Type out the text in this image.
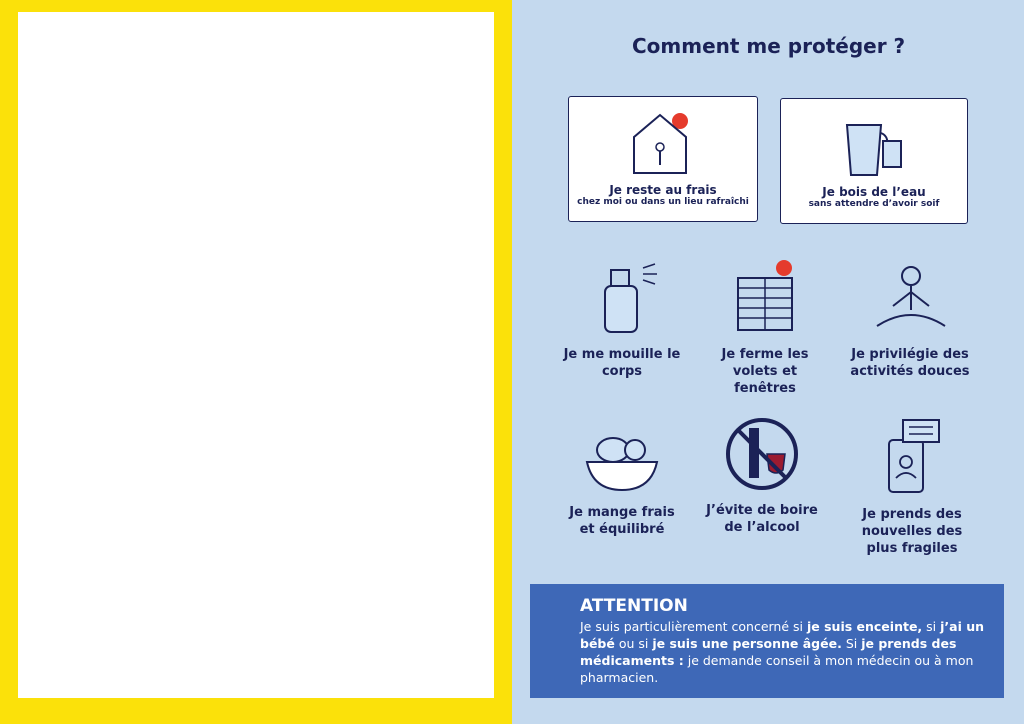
Comment me protéger ?
Je reste au frais
chez moi ou dans un lieu rafraîchi
Je bois de l’eau
sans attendre d’avoir soif
Je me mouille le corps
Je ferme les volets et fenêtres
Je privilégie des activités douces
Je mange frais et équilibré
J’évite de boire de l’alcool
Je prends des nouvelles des plus fragiles
ATTENTION
Je suis particulièrement concerné si je suis enceinte, si j’ai un bébé ou si je suis une personne âgée. Si je prends des médicaments : je demande conseil à mon médecin ou à mon pharmacien.
